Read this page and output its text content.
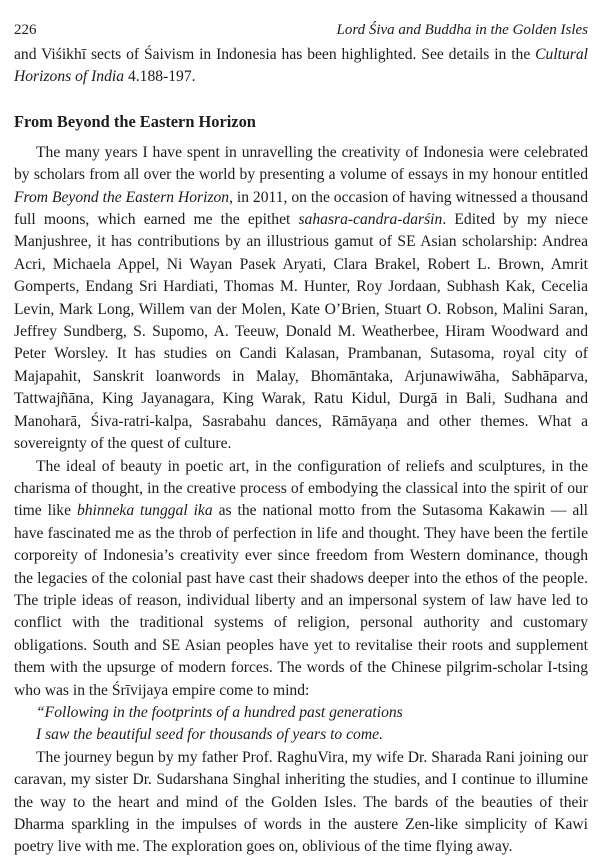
226	Lord Śiva and Buddha in the Golden Isles

and Viśikhī sects of Śaivism in Indonesia has been highlighted. See details in the Cultural Horizons of India 4.188-197.

From Beyond the Eastern Horizon

The many years I have spent in unravelling the creativity of Indonesia were celebrated by scholars from all over the world by presenting a volume of essays in my honour entitled From Beyond the Eastern Horizon, in 2011, on the occasion of having witnessed a thousand full moons, which earned me the epithet sahasra-candra-darśin. Edited by my niece Manjushree, it has contributions by an illustrious gamut of SE Asian scholarship: Andrea Acri, Michaela Appel, Ni Wayan Pasek Aryati, Clara Brakel, Robert L. Brown, Amrit Gomperts, Endang Sri Hardiati, Thomas M. Hunter, Roy Jordaan, Subhash Kak, Cecelia Levin, Mark Long, Willem van der Molen, Kate O’Brien, Stuart O. Robson, Malini Saran, Jeffrey Sundberg, S. Supomo, A. Teeuw, Donald M. Weatherbee, Hiram Woodward and Peter Worsley. It has studies on Candi Kalasan, Prambanan, Sutasoma, royal city of Majapahit, Sanskrit loanwords in Malay, Bhomāntaka, Arjunawiwāha, Sabhāparva, Tattwajñāna, King Jayanagara, King Warak, Ratu Kidul, Durgā in Bali, Sudhana and Manoharā, Śiva-ratri-kalpa, Sasrabahu dances, Rāmāyaṇa and other themes. What a sovereignty of the quest of culture.

The ideal of beauty in poetic art, in the configuration of reliefs and sculptures, in the charisma of thought, in the creative process of embodying the classical into the spirit of our time like bhinneka tunggal ika as the national motto from the Sutasoma Kakawin — all have fascinated me as the throb of perfection in life and thought. They have been the fertile corporeity of Indonesia’s creativity ever since freedom from Western dominance, though the legacies of the colonial past have cast their shadows deeper into the ethos of the people. The triple ideas of reason, individual liberty and an impersonal system of law have led to conflict with the traditional systems of religion, personal authority and customary obligations. South and SE Asian peoples have yet to revitalise their roots and supplement them with the upsurge of modern forces. The words of the Chinese pilgrim-scholar I-tsing who was in the Śrīvijaya empire come to mind:

“Following in the footprints of a hundred past generations

I saw the beautiful seed for thousands of years to come.

The journey begun by my father Prof. RaghuVira, my wife Dr. Sharada Rani joining our caravan, my sister Dr. Sudarshana Singhal inheriting the studies, and I continue to illumine the way to the heart and mind of the Golden Isles. The bards of the beauties of their Dharma sparkling in the impulses of words in the austere Zen-like simplicity of Kawi poetry live with me. The exploration goes on, oblivious of the time flying away.
